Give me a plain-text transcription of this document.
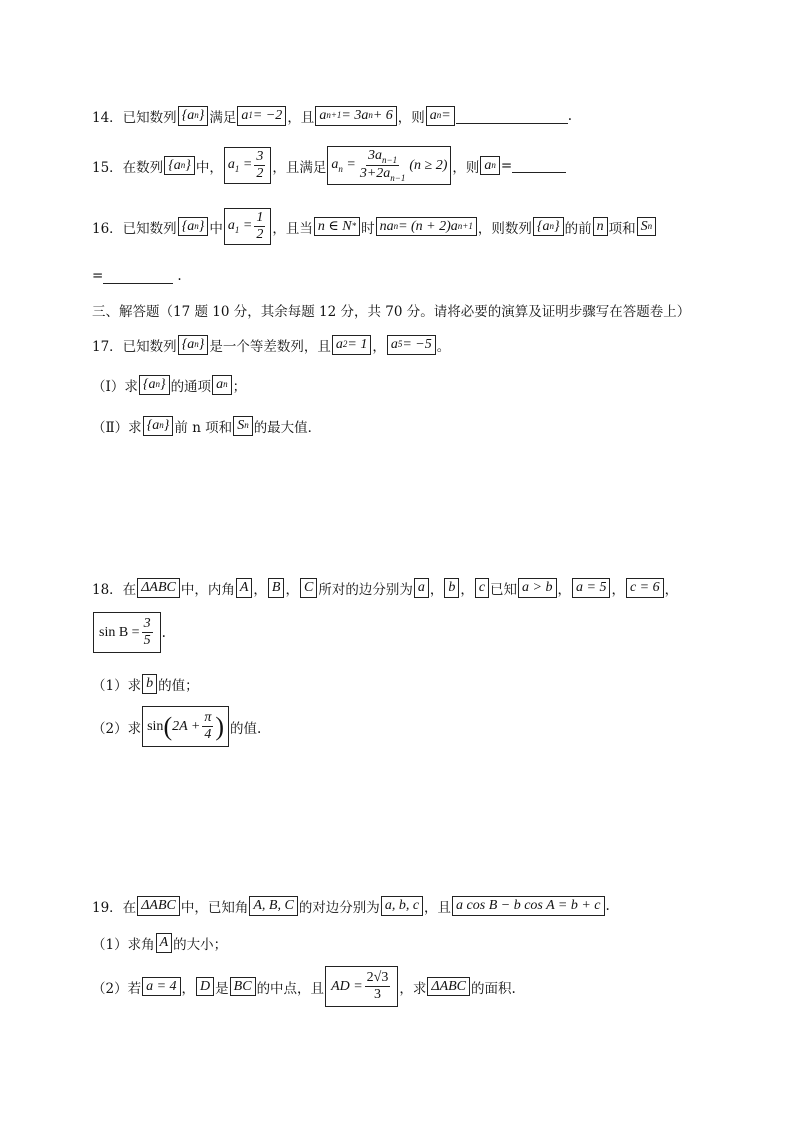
14．已知数列 {a n } 满足 a 1 = −2 ，且 a n+1 = 3a n + 6 ，则 a n =	.
15．在数列 {a n } 中， $a_1 = \frac{3}{2}$ ，且满足 $a_n = \frac{3a_{n-1}}{3+2a_{n-1}} (n \ge 2)$ ，则 a n =
16．已知数列 {a n } 中 $a_1 = \frac{1}{2}$ ，且当 n ∈ N * 时 na n = (n + 2)a n+1 ，则数列 {a n } 的前 n 项和 S n
=	.
三、解答题（17 题 10 分，其余每题 12 分，共 70 分。请将必要的演算及证明步骤写在答题卷上）
17．已知数列 {a n } 是一个等差数列，且 a 2 = 1 ， a 5 = −5 。
（Ⅰ）求 {a n } 的通项 a n ；
（Ⅱ）求 {a n } 前 n 项和 S n 的最大值．
18．在 ΔABC 中，内角 A ， B ， C 所对的边分别为 a ， b ， c 已知 a > b ， a = 5 ， c = 6 ，
$\sin B = \frac{3}{5}$ .
（1）求 b 的值；
（2）求 sin ( $2A + \frac{\pi}{4}$ ) 的值.
19．在 ΔABC 中，已知角 A, B, C 的对边分别为 a, b, c ，且 a cos B − b cos A = b + c .
（1）求角 A 的大小；
（2）若 a = 4 ， D 是 BC 的中点，且 AD = $\frac{2√3}{3}$ ，求 ΔABC 的面积.
